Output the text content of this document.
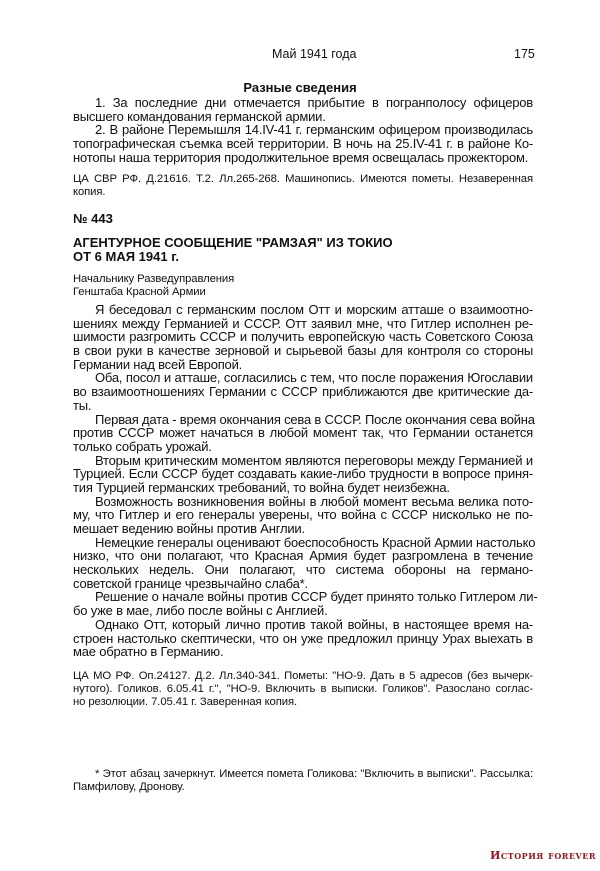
Май 1941 года	175
Разные сведения
1. За последние дни отмечается прибытие в погранполосу офицеров
высшего командования германской армии.
2. В районе Перемышля 14.IV-41 г. германским офицером производилась
топографическая съемка всей территории. В ночь на 25.IV-41 г. в районе Ко-
нотопы наша территория продолжительное время освещалась прожектором.
ЦА СВР РФ. Д.21616. Т.2. Лл.265-268. Машинопись. Имеются пометы. Незаверенная
копия.
№ 443
АГЕНТУРНОЕ СООБЩЕНИЕ "РАМЗАЯ" ИЗ ТОКИО
ОТ 6 МАЯ 1941 г.
Начальнику Разведуправления
Генштаба Красной Армии
Я беседовал с германским послом Отт и морским атташе о взаимоотно-
шениях между Германией и СССР. Отт заявил мне, что Гитлер исполнен ре-
шимости разгромить СССР и получить европейскую часть Советского Союза
в свои руки в качестве зерновой и сырьевой базы для контроля со стороны
Германии над всей Европой.
Оба, посол и атташе, согласились с тем, что после поражения Югославии
во взаимоотношениях Германии с СССР приближаются две критические да-
ты.
Первая дата - время окончания сева в СССР. После окончания сева война
против СССР может начаться в любой момент так, что Германии останется
только собрать урожай.
Вторым критическим моментом являются переговоры между Германией и
Турцией. Если СССР будет создавать какие-либо трудности в вопросе приня-
тия Турцией германских требований, то война будет неизбежна.
Возможность возникновения войны в любой момент весьма велика пото-
му, что Гитлер и его генералы уверены, что война с СССР нисколько не по-
мешает ведению войны против Англии.
Немецкие генералы оценивают боеспособность Красной Армии настолько
низко, что они полагают, что Красная Армия будет разгромлена в течение
нескольких недель. Они полагают, что система обороны на германо-
советской границе чрезвычайно слаба*.
Решение о начале войны против СССР будет принято только Гитлером ли-
бо уже в мае, либо после войны с Англией.
Однако Отт, который лично против такой войны, в настоящее время на-
строен настолько скептически, что он уже предложил принцу Урах выехать в
мае обратно в Германию.
ЦА МО РФ. Оп.24127. Д.2. Лл.340-341. Пометы: "НО-9. Дать в 5 адресов (без вычерк-
нутого). Голиков. 6.05.41 г.", "НО-9. Включить в выписки. Голиков". Разослано соглас-
но резолюции. 7.05.41 г. Заверенная копия.
* Этот абзац зачеркнут. Имеется помета Голикова: "Включить в выписки". Рассылка:
Памфилову, Дронову.
История forever
